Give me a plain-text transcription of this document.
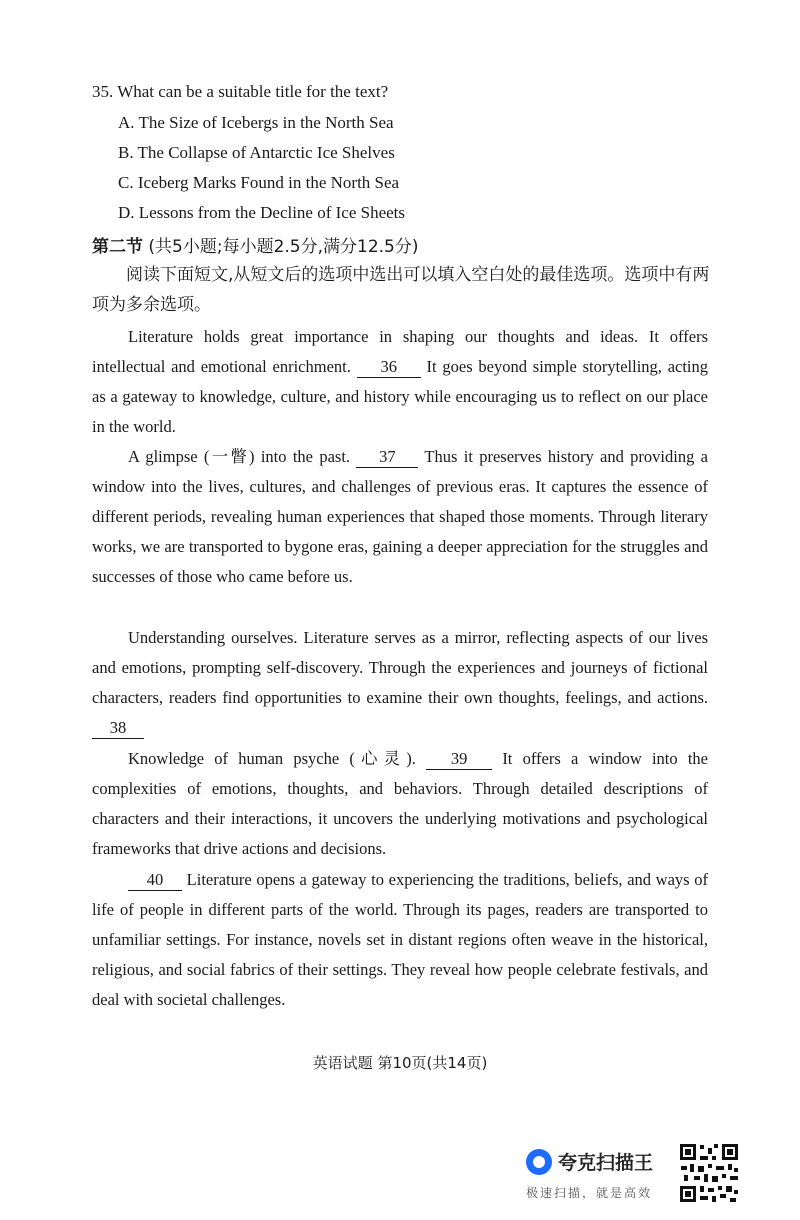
35. What can be a suitable title for the text?
A. The Size of Icebergs in the North Sea
B. The Collapse of Antarctic Ice Shelves
C. Iceberg Marks Found in the North Sea
D. Lessons from the Decline of Ice Sheets
第二节 (共5小题;每小题2.5分,满分12.5分)
阅读下面短文,从短文后的选项中选出可以填入空白处的最佳选项。选项中有两项为多余选项。
Literature holds great importance in shaping our thoughts and ideas. It offers intellectual and emotional enrichment. 36 It goes beyond simple storytelling, acting as a gateway to knowledge, culture, and history while encouraging us to reflect on our place in the world.
A glimpse (一瞥) into the past. 37 Thus it preserves history and providing a window into the lives, cultures, and challenges of previous eras. It captures the essence of different periods, revealing human experiences that shaped those moments. Through literary works, we are transported to bygone eras, gaining a deeper appreciation for the struggles and successes of those who came before us.
Understanding ourselves. Literature serves as a mirror, reflecting aspects of our lives and emotions, prompting self-discovery. Through the experiences and journeys of fictional characters, readers find opportunities to examine their own thoughts, feelings, and actions. 38
Knowledge of human psyche (心灵). 39 It offers a window into the complexities of emotions, thoughts, and behaviors. Through detailed descriptions of characters and their interactions, it uncovers the underlying motivations and psychological frameworks that drive actions and decisions.
40 Literature opens a gateway to experiencing the traditions, beliefs, and ways of life of people in different parts of the world. Through its pages, readers are transported to unfamiliar settings. For instance, novels set in distant regions often weave in the historical, religious, and social fabrics of their settings. They reveal how people celebrate festivals, and deal with societal challenges.
英语试题 第10页(共14页)
夸克扫描王
极速扫描，就是高效
